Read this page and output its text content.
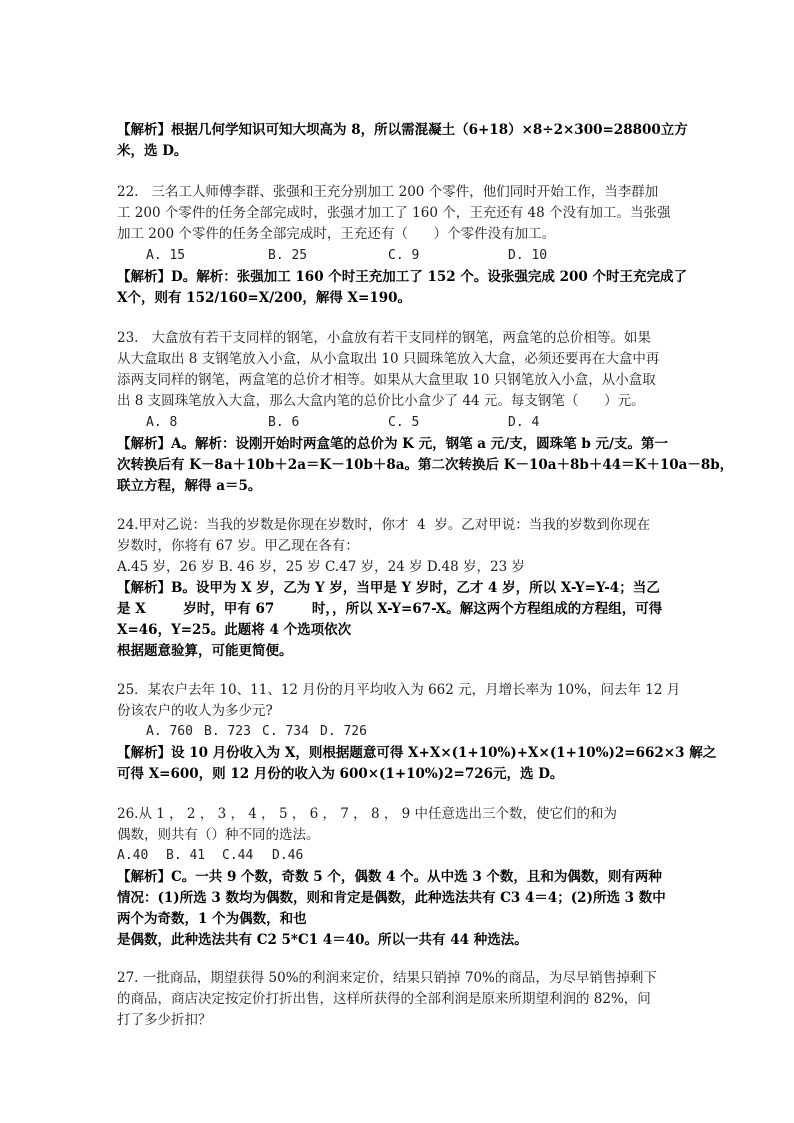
【解析】根据几何学知识可知大坝高为 8，所以需混凝土（6+18）×8÷2×300=28800立方
米，选 D。
22.   三名工人师傅李群、张强和王充分别加工 200 个零件，他们同时开始工作，当李群加
工 200 个零件的任务全部完成时，张强才加工了 160 个，王充还有 48 个没有加工。当张强
加工 200 个零件的任务全部完成时，王充还有（      ）个零件没有加工。
A. 15	B. 25	C. 9	D. 10
【解析】D。解析：张强加工 160 个时王充加工了 152 个。设张强完成 200 个时王充完成了
X个，则有 152/160=X/200，解得 X=190。
23.   大盒放有若干支同样的钢笔，小盒放有若干支同样的钢笔，两盒笔的总价相等。如果
从大盒取出 8 支钢笔放入小盒，从小盒取出 10 只圆珠笔放入大盒，必须还要再在大盒中再
添两支同样的钢笔，两盒笔的总价才相等。如果从大盒里取 10 只钢笔放入小盒，从小盒取
出 8 支圆珠笔放入大盒，那么大盒内笔的总价比小盒少了 44 元。每支钢笔（      ）元。
A. 8	B. 6	C. 5	D. 4
【解析】A。解析：设刚开始时两盒笔的总价为 K 元，钢笔 a 元/支，圆珠笔 b 元/支。第一
次转换后有 K－8a＋10b＋2a＝K－10b＋8a。第二次转换后 K－10a＋8b＋44＝K＋10a－8b，
联立方程，解得 a＝5。
24.甲对乙说：当我的岁数是你现在岁数时，你才  4  岁。乙对甲说：当我的岁数到你现在
岁数时，你将有 67 岁。甲乙现在各有：
A.45 岁，26 岁 B. 46 岁，25 岁 C.47 岁，24 岁 D.48 岁，23 岁
【解析】B。设甲为 X 岁，乙为 Y 岁，当甲是 Y 岁时，乙才 4 岁，所以 X-Y=Y-4；当乙
是 X        岁时，甲有 67        时，，所以 X-Y=67-X。解这两个方程组成的方程组，可得
X=46，Y=25。此题将 4 个选项依次
根据题意验算，可能更简便。
25．某农户去年 10、11、12 月份的月平均收入为 662 元，月增长率为 10%，问去年 12 月
份该农户的收人为多少元?
A. 760 B. 723 C. 734 D. 726
【解析】设 10 月份收入为 X，则根据题意可得 X+X×(1+10%)+X×(1+10%)2=662×3 解之
可得 X=600，则 12 月份的收入为 600×(1+10%)2=726元，选 D。
26.从 1 ， 2 ， 3 ， 4 ， 5 ， 6 ， 7 ， 8 ， 9 中任意选出三个数，使它们的和为
偶数，则共有（）种不同的选法。
A.40 B. 41 C.44 D.46
【解析】C。一共 9 个数，奇数 5 个，偶数 4 个。从中选 3 个数，且和为偶数，则有两种
情况：(1)所选 3 数均为偶数，则和肯定是偶数，此种选法共有 C3 4＝4；(2)所选 3 数中
两个为奇数，1 个为偶数，和也
是偶数，此种选法共有 C2 5*C1 4＝40。所以一共有 44 种选法。
27. 一批商品，期望获得 50%的利润来定价，结果只销掉 70%的商品，为尽早销售掉剩下
的商品，商店决定按定价打折出售，这样所获得的全部利润是原来所期望利润的 82%，问
打了多少折扣？
